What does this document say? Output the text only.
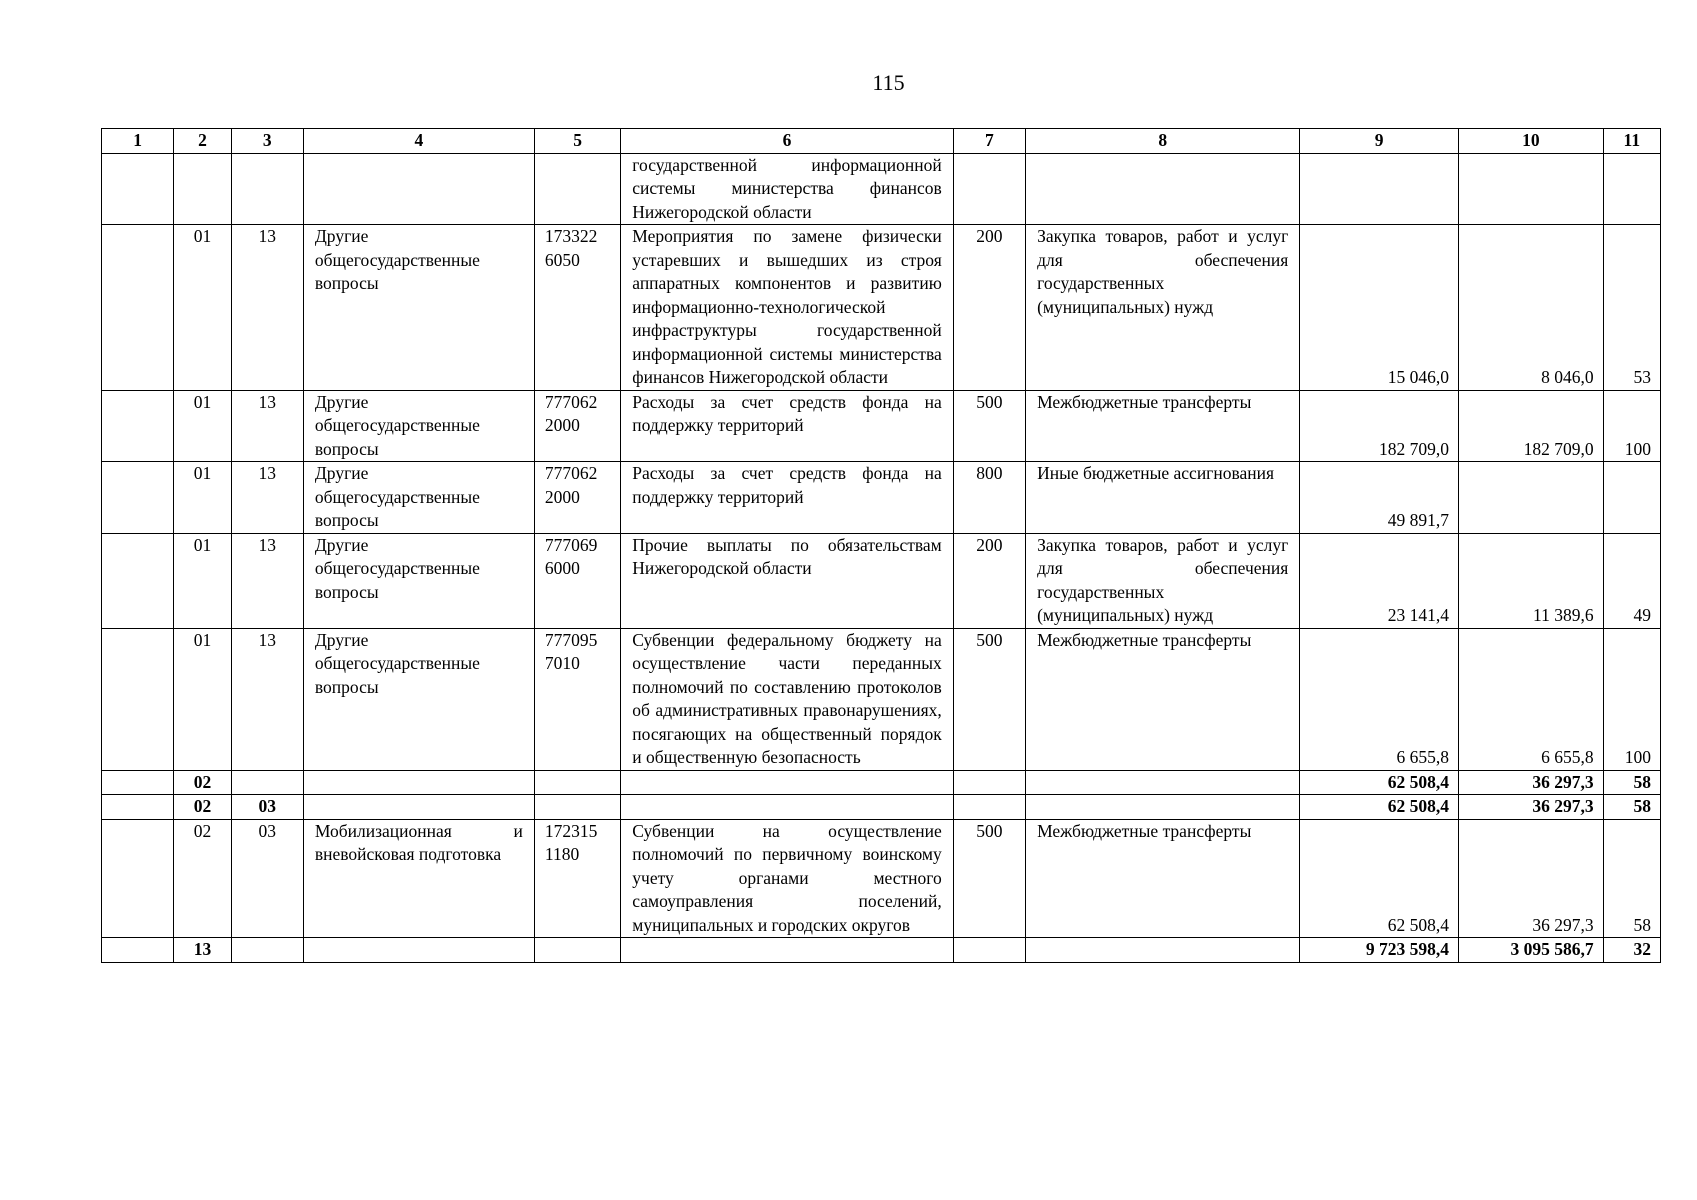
115
1	2	3	4	5	6	7	8	9	10	11
					государственной информационной системы министерства финансов Нижегородской области					
	01	13	Другие общегосударственные вопросы	173322 6050	Мероприятия по замене физически устаревших и вышедших из строя аппаратных компонентов и развитию информационно-технологической инфраструктуры государственной информационной системы министерства финансов Нижегородской области	200	Закупка товаров, работ и услуг для обеспечения государственных (муниципальных) нужд	15 046,0	8 046,0	53
	01	13	Другие общегосударственные вопросы	777062 2000	Расходы за счет средств фонда на поддержку территорий	500	Межбюджетные трансферты	182 709,0	182 709,0	100
	01	13	Другие общегосударственные вопросы	777062 2000	Расходы за счет средств фонда на поддержку территорий	800	Иные бюджетные ассигнования	49 891,7		
	01	13	Другие общегосударственные вопросы	777069 6000	Прочие выплаты по обязательствам Нижегородской области	200	Закупка товаров, работ и услуг для обеспечения государственных (муниципальных) нужд	23 141,4	11 389,6	49
	01	13	Другие общегосударственные вопросы	777095 7010	Субвенции федеральному бюджету на осуществление части переданных полномочий по составлению протоколов об административных правонарушениях, посягающих на общественный порядок и общественную безопасность	500	Межбюджетные трансферты	6 655,8	6 655,8	100
	02							62 508,4	36 297,3	58
	02	03						62 508,4	36 297,3	58
	02	03	Мобилизационная и вневойсковая подготовка	172315 1180	Субвенции на осуществление полномочий по первичному воинскому учету органами местного самоуправления поселений, муниципальных и городских округов	500	Межбюджетные трансферты	62 508,4	36 297,3	58
	13							9 723 598,4	3 095 586,7	32
